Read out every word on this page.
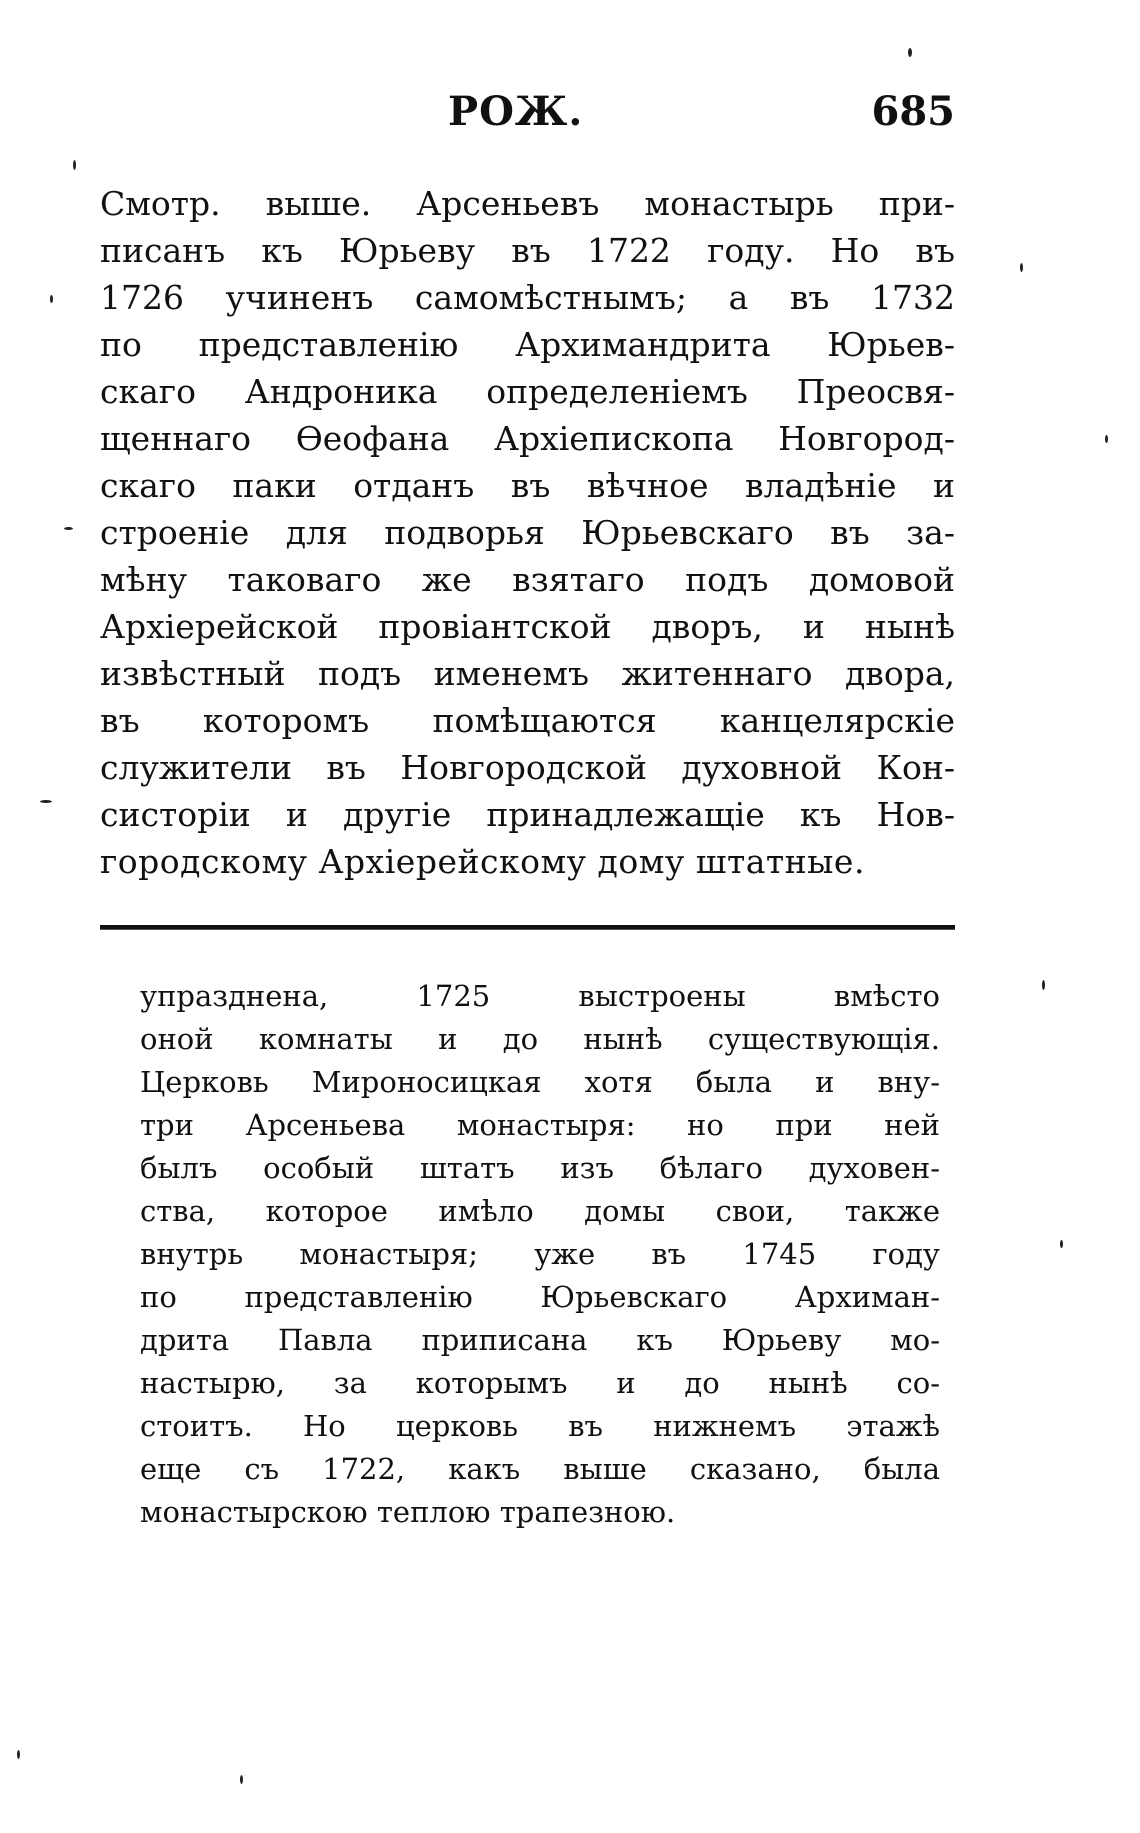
РОЖ.	685
Смотр. выше. Арсеньевъ монастырь при-
писанъ къ Юрьеву въ 1722 году. Но въ
1726 учиненъ самомѣстнымъ; а въ 1732
по представленію Архимандрита Юрьев-
скаго Андроника определеніемъ Преосвя-
щеннаго Ѳеофана Архіепископа Новгород-
скаго паки отданъ въ вѣчное владѣніе и
строеніе для подворья Юрьевскаго въ за-
мѣну таковаго же взятаго подъ домовой
Архіерейской провіантской дворъ, и нынѣ
извѣстный подъ именемъ житеннаго двора,
въ которомъ помѣщаются канцелярскіе
служители въ Новгородской духовной Кон-
систоріи и другіе принадлежащіе къ Нов-
городскому Архіерейскому дому штатные.
упразднена, 1725 выстроены вмѣсто
оной комнаты и до нынѣ существующія.
Церковь Мироносицкая хотя была и вну-
три Арсеньева монастыря: но при ней
былъ особый штатъ изъ бѣлаго духовен-
ства, которое имѣло домы свои, также
внутрь монастыря; уже въ 1745 году
по представленію Юрьевскаго Архиман-
дрита Павла приписана къ Юрьеву мо-
настырю, за которымъ и до нынѣ со-
стоитъ. Но церковь въ нижнемъ этажѣ
еще съ 1722, какъ выше сказано, была
монастырскою теплою трапезною.
